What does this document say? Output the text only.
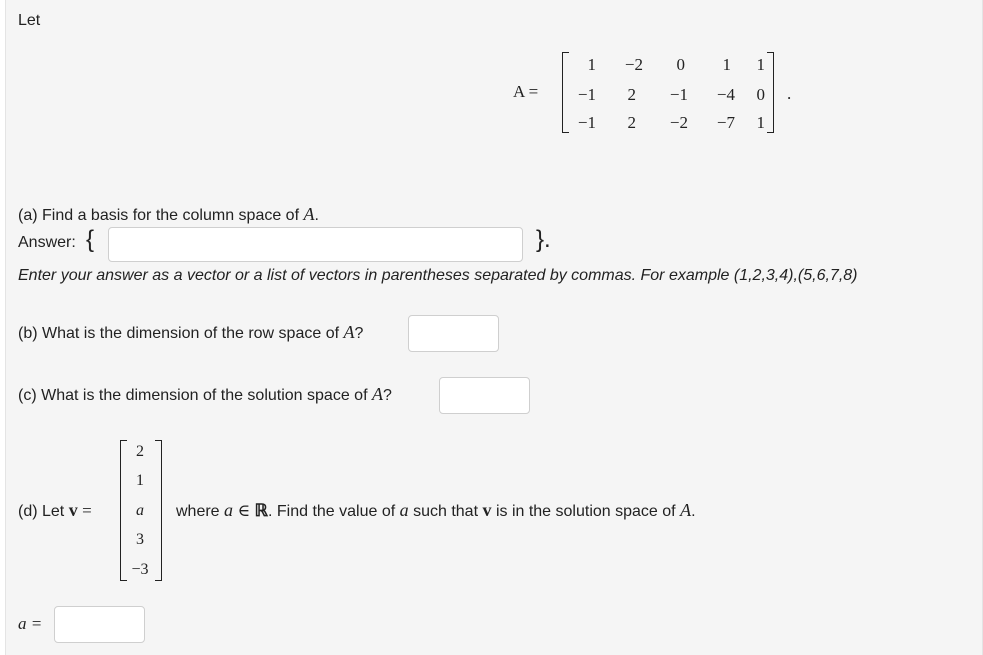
Let
A =
1	−2	0	1	1
−1	2	−1	−4	0
−1	2	−2	−7	1
.
(a) Find a basis for the column space of A.
Answer: {	}.
Enter your answer as a vector or a list of vectors in parentheses separated by commas. For example (1,2,3,4),(5,6,7,8)
(b) What is the dimension of the row space of A?
(c) What is the dimension of the solution space of A?
(d) Let v =
2
1
a
3
−3
where a ∈ ℝ. Find the value of a such that v is in the solution space of A.
a =
